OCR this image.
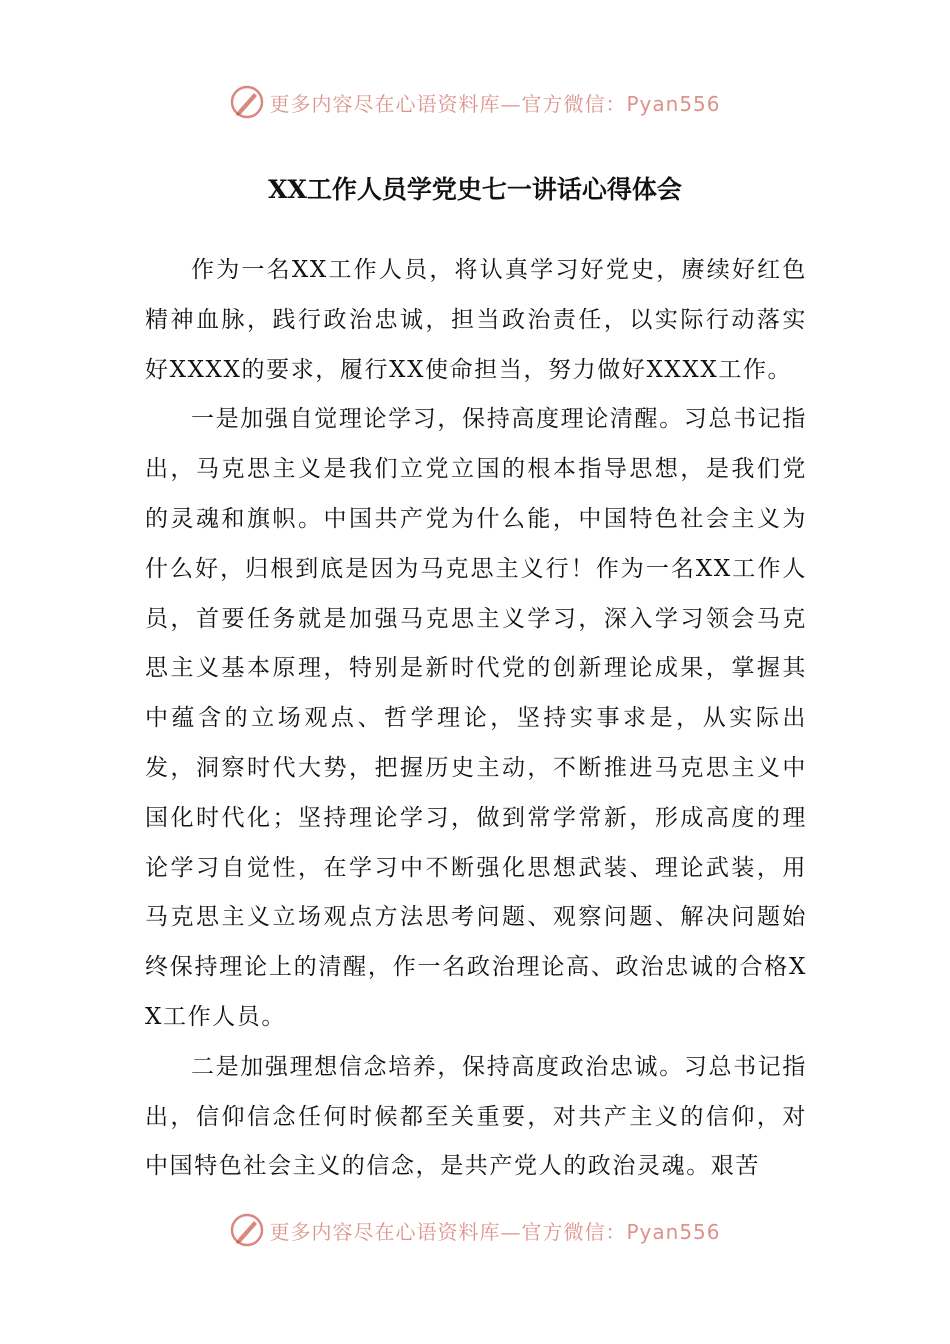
更多内容尽在心语资料库—官方微信：Pyan556
XX工作人员学党史七一讲话心得体会

作为一名XX工作人员，将认真学习好党史，赓续好红色精神血脉，践行政治忠诚，担当政治责任，以实际行动落实好XXXX的要求，履行XX使命担当，努力做好XXXX工作。

一是加强自觉理论学习，保持高度理论清醒。习总书记指出，马克思主义是我们立党立国的根本指导思想，是我们党的灵魂和旗帜。中国共产党为什么能，中国特色社会主义为什么好，归根到底是因为马克思主义行！作为一名XX工作人员，首要任务就是加强马克思主义学习，深入学习领会马克思主义基本原理，特别是新时代党的创新理论成果，掌握其中蕴含的立场观点、哲学理论，坚持实事求是，从实际出发，洞察时代大势，把握历史主动，不断推进马克思主义中国化时代化；坚持理论学习，做到常学常新，形成高度的理论学习自觉性，在学习中不断强化思想武装、理论武装，用马克思主义立场观点方法思考问题、观察问题、解决问题始终保持理论上的清醒，作一名政治理论高、政治忠诚的合格XX工作人员。

二是加强理想信念培养，保持高度政治忠诚。习总书记指出，信仰信念任何时候都至关重要，对共产主义的信仰，对中国特色社会主义的信念，是共产党人的政治灵魂。艰苦

更多内容尽在心语资料库—官方微信：Pyan556
